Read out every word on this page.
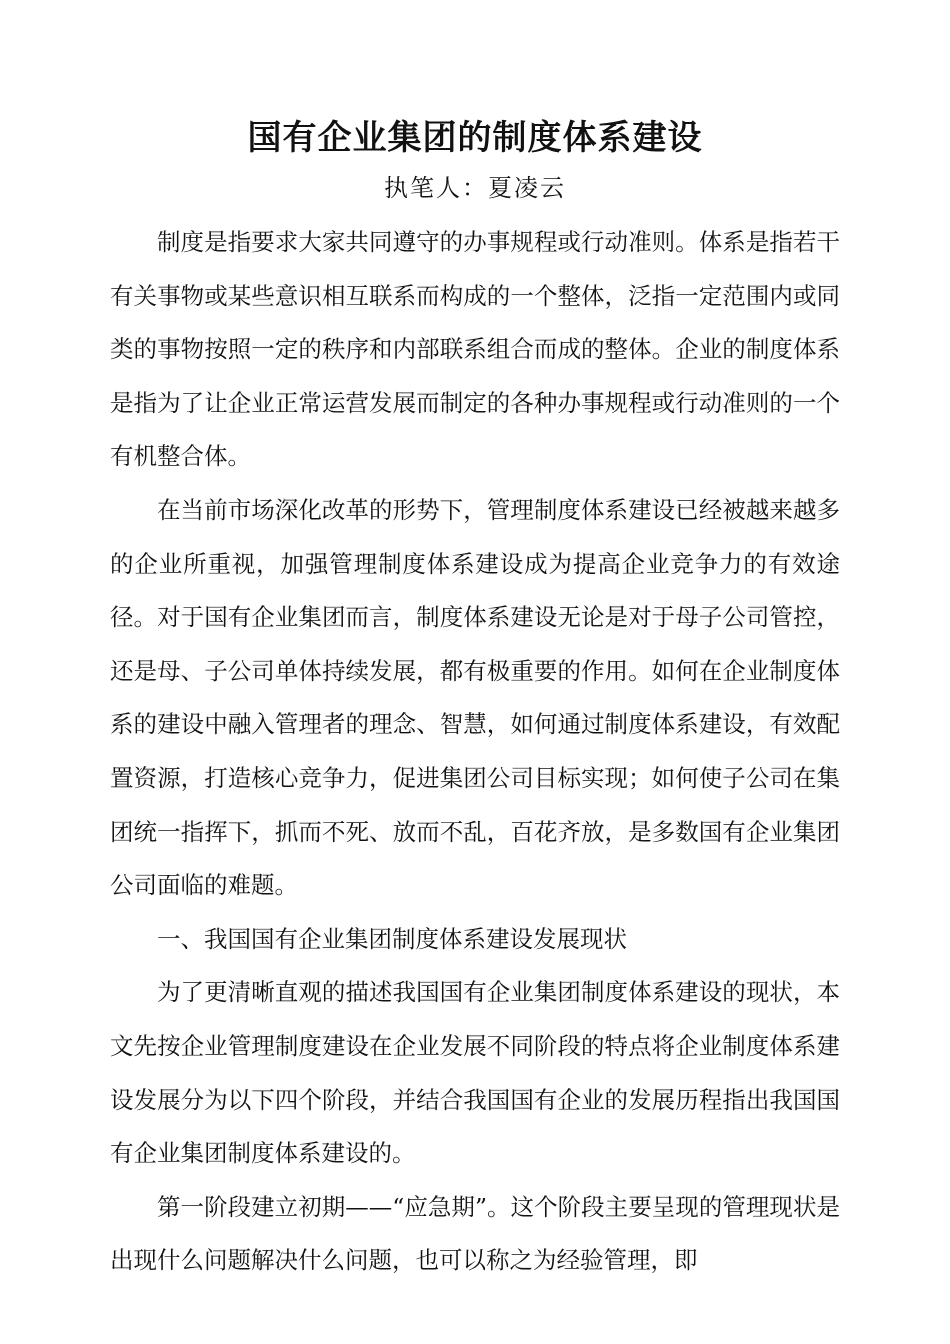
国有企业集团的制度体系建设
执笔人：夏凌云

制度是指要求大家共同遵守的办事规程或行动准则。体系是指若干有关事物或某些意识相互联系而构成的一个整体，泛指一定范围内或同类的事物按照一定的秩序和内部联系组合而成的整体。企业的制度体系是指为了让企业正常运营发展而制定的各种办事规程或行动准则的一个有机整合体。

在当前市场深化改革的形势下，管理制度体系建设已经被越来越多的企业所重视，加强管理制度体系建设成为提高企业竞争力的有效途径。对于国有企业集团而言，制度体系建设无论是对于母子公司管控，还是母、子公司单体持续发展，都有极重要的作用。如何在企业制度体系的建设中融入管理者的理念、智慧，如何通过制度体系建设，有效配置资源，打造核心竞争力，促进集团公司目标实现；如何使子公司在集团统一指挥下，抓而不死、放而不乱，百花齐放，是多数国有企业集团公司面临的难题。

一、我国国有企业集团制度体系建设发展现状

为了更清晰直观的描述我国国有企业集团制度体系建设的现状，本文先按企业管理制度建设在企业发展不同阶段的特点将企业制度体系建设发展分为以下四个阶段，并结合我国国有企业的发展历程指出我国国有企业集团制度体系建设的。

第一阶段建立初期——“应急期”。这个阶段主要呈现的管理现状是出现什么问题解决什么问题，也可以称之为经验管理，即
